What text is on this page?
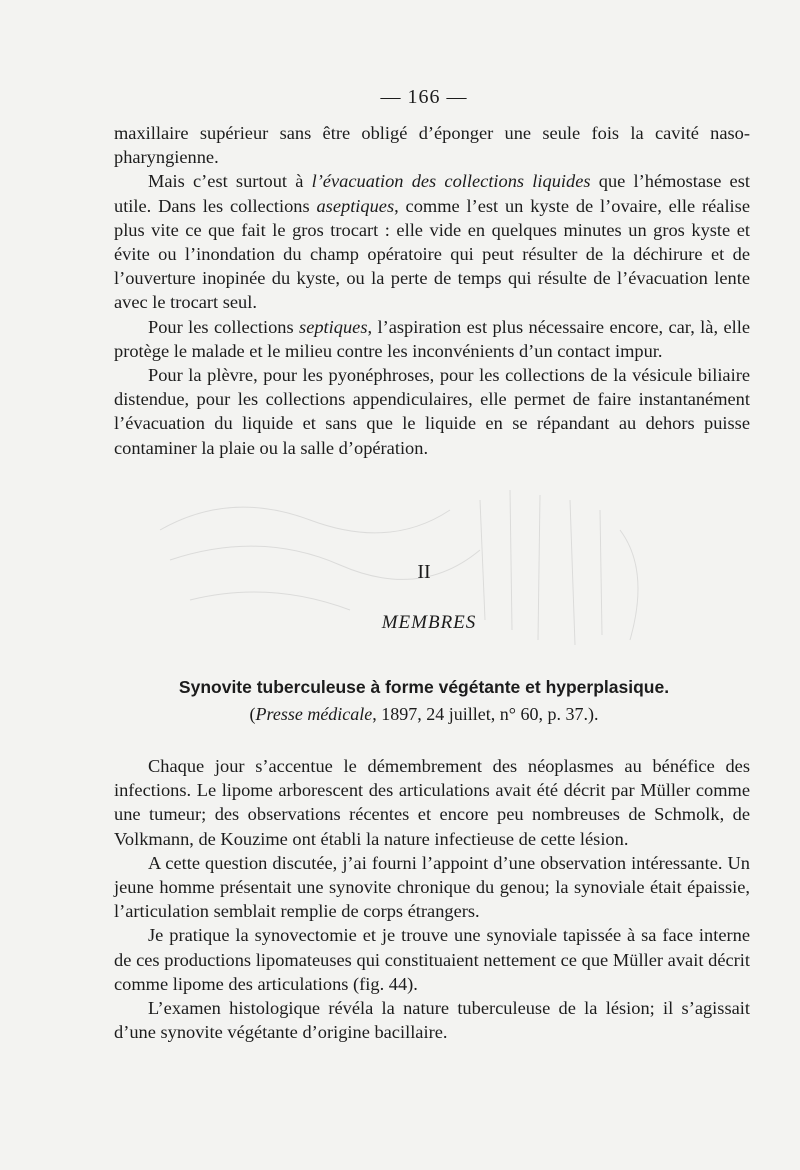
— 166 —

maxillaire supérieur sans être obligé d’éponger une seule fois la cavité naso-pharyngienne.

Mais c’est surtout à l’évacuation des collections liquides que l’hémostase est utile. Dans les collections aseptiques, comme l’est un kyste de l’ovaire, elle réalise plus vite ce que fait le gros trocart : elle vide en quelques minutes un gros kyste et évite ou l’inondation du champ opératoire qui peut résulter de la déchirure et de l’ouverture inopinée du kyste, ou la perte de temps qui résulte de l’évacuation lente avec le trocart seul.

Pour les collections septiques, l’aspiration est plus nécessaire encore, car, là, elle protège le malade et le milieu contre les inconvénients d’un contact impur.

Pour la plèvre, pour les pyonéphroses, pour les collections de la vésicule biliaire distendue, pour les collections appendiculaires, elle permet de faire instantanément l’évacuation du liquide et sans que le liquide en se répandant au dehors puisse contaminer la plaie ou la salle d’opération.

II
MEMBRES
Synovite tuberculeuse à forme végétante et hyperplasique.
(Presse médicale, 1897, 24 juillet, n° 60, p. 37.).

Chaque jour s’accentue le démembrement des néoplasmes au bénéfice des infections. Le lipome arborescent des articulations avait été décrit par Müller comme une tumeur; des observations récentes et encore peu nombreuses de Schmolk, de Volkmann, de Kouzime ont établi la nature infectieuse de cette lésion.

A cette question discutée, j’ai fourni l’appoint d’une observation intéressante. Un jeune homme présentait une synovite chronique du genou; la synoviale était épaissie, l’articulation semblait remplie de corps étrangers.

Je pratique la synovectomie et je trouve une synoviale tapissée à sa face interne de ces productions lipomateuses qui constituaient nettement ce que Müller avait décrit comme lipome des articulations (fig. 44).

L’examen histologique révéla la nature tuberculeuse de la lésion; il s’agissait d’une synovite végétante d’origine bacillaire.
